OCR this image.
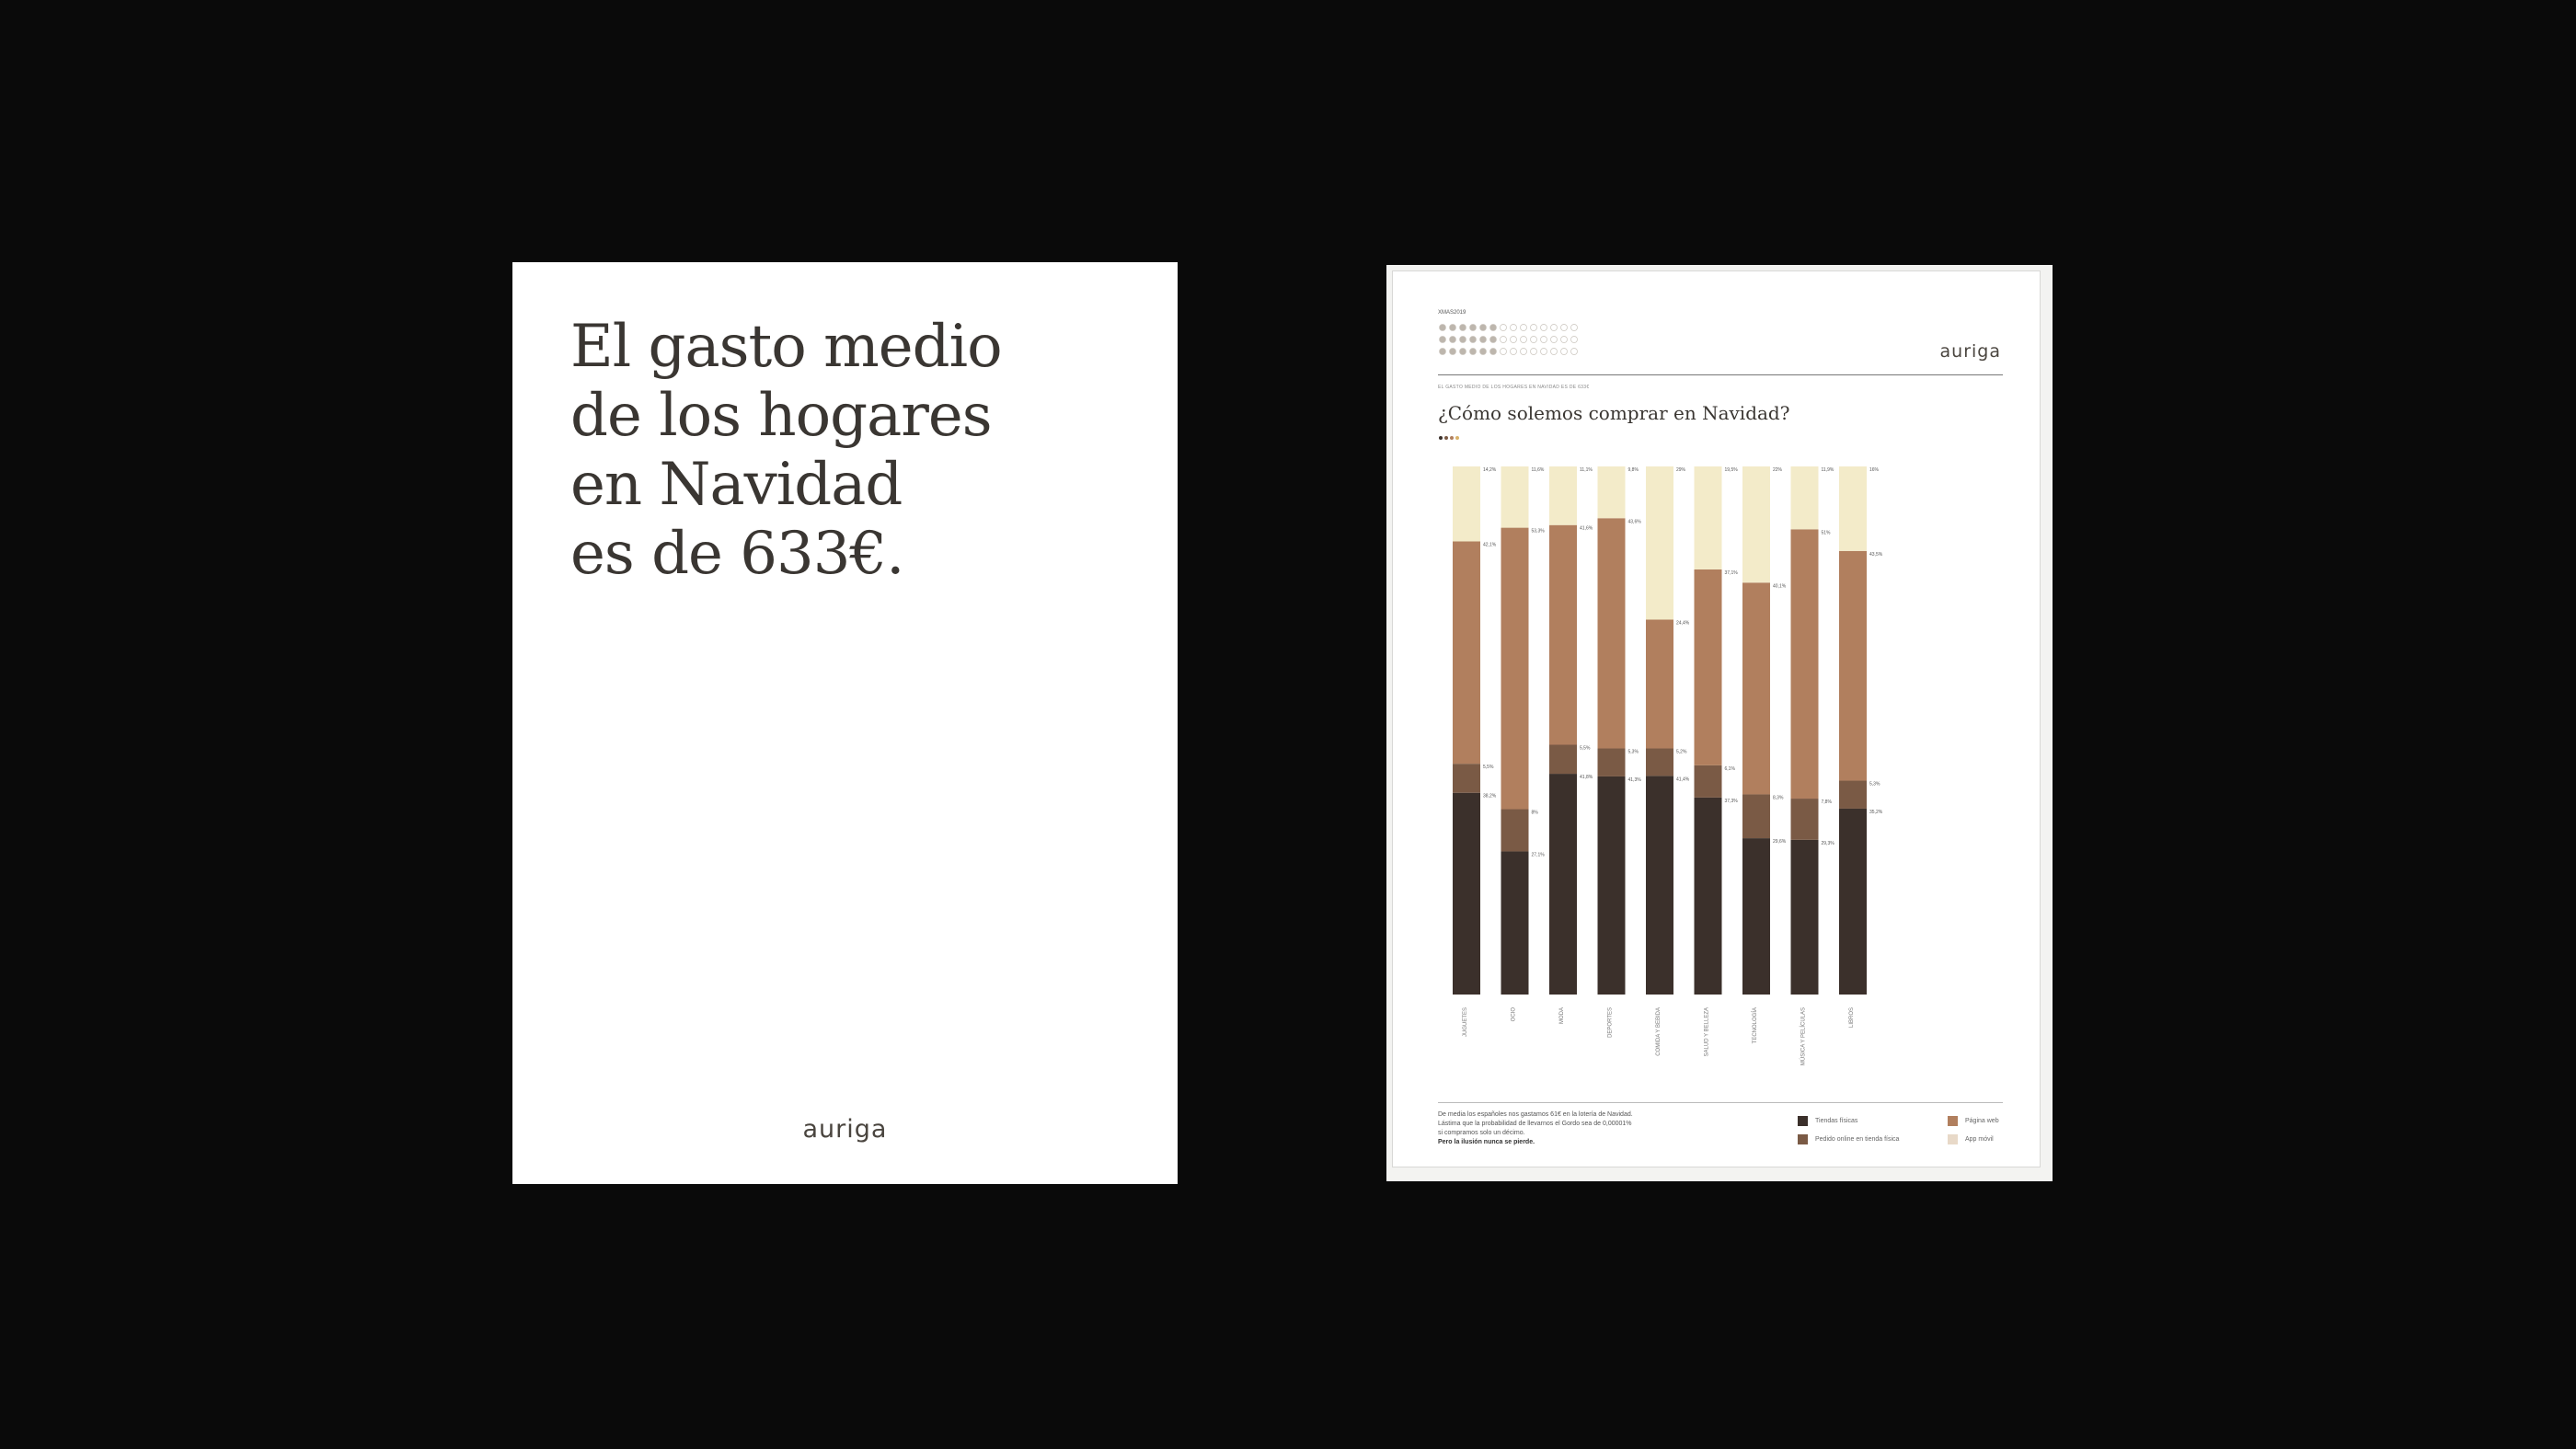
El gasto medio
de los hogares
en Navidad
es de 633€.
auriga
XMAS2019
auriga
EL GASTO MEDIO DE LOS HOGARES EN NAVIDAD ES DE 633€
¿Cómo solemos comprar en Navidad?
38,2%
5,5%
42,1%
14,2%
JUGUETES
27,1%
8%
53,3%
11,6%
OCIO
41,8%
5,5%
41,6%
11,1%
MODA
41,3%
5,3%
43,6%
9,8%
DEPORTES
41,4%
5,2%
24,4%
29%
COMIDA Y BEBIDA
37,3%
6,1%
37,1%
19,5%
SALUD Y BELLEZA
29,6%
8,3%
40,1%
22%
TECNOLOGÍA
29,3%
7,8%
51%
11,9%
MÚSICA Y PELÍCULAS
35,2%
5,3%
43,5%
16%
LIBROS
De media los españoles nos gastamos 61€ en la lotería de Navidad.
Lástima que la probabilidad de llevarnos el Gordo sea de 0,00001%
si compramos solo un décimo.
Pero la ilusión nunca se pierde.
Tiendas físicas
Pedido online en tienda física
Página web
App móvil
